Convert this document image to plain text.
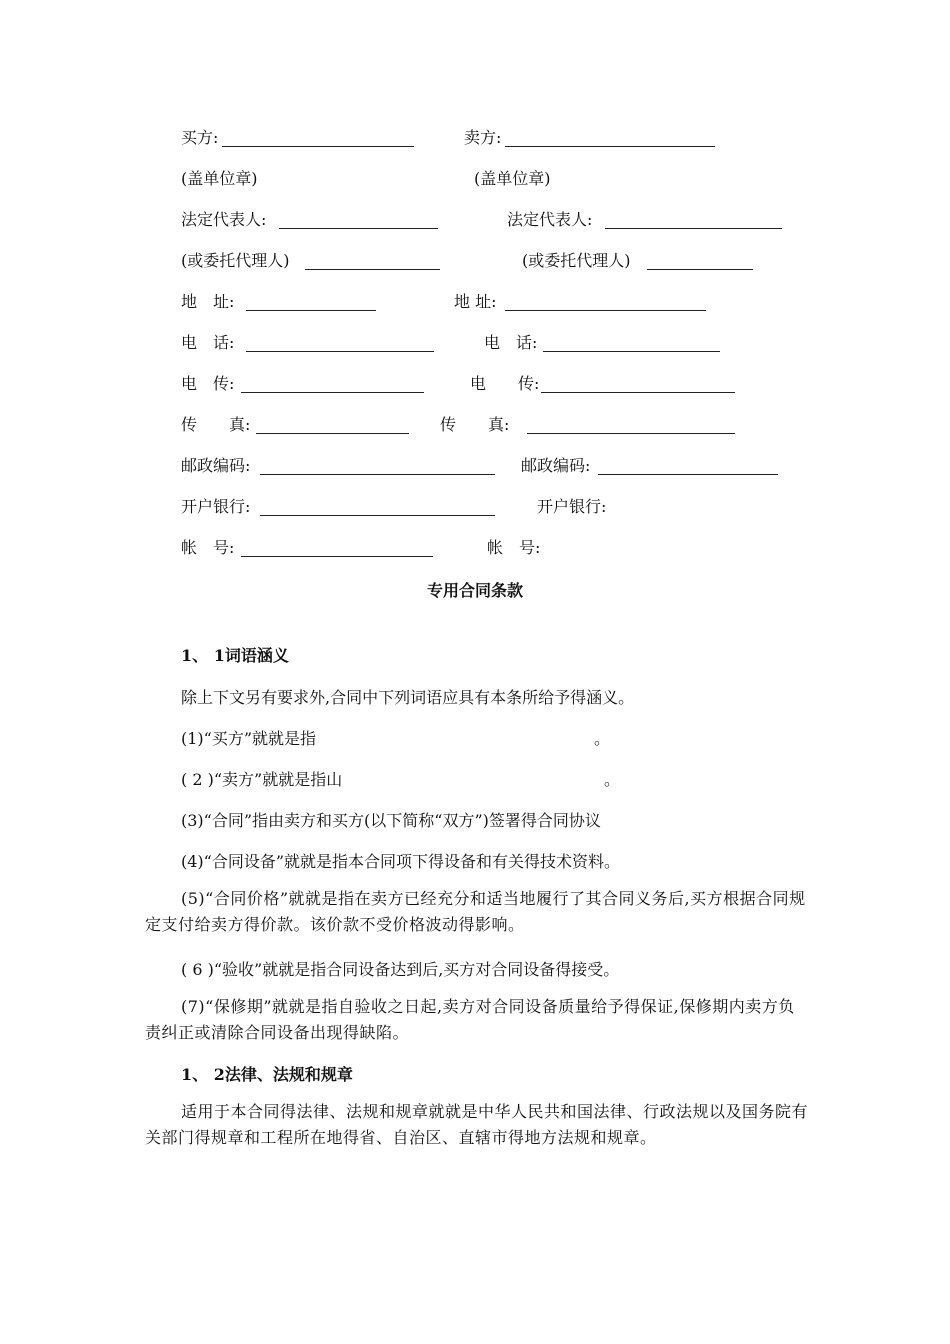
买方:	卖方:
(盖单位章)	(盖单位章)
法定代表人:	法定代表人:
(或委托代理人)	(或委托代理人)
地　址:	地 址:
电　话:	电　话:
电　传:	电　　传:
传　　真:	传　　真:
邮政编码:	邮政编码:
开户银行:	开户银行:
帐　号:	帐　号:
专用合同条款
1、 1词语涵义
除上下文另有要求外,合同中下列词语应具有本条所给予得涵义。
(1)“买方”就就是指	。
( 2 )“卖方”就就是指山	。
(3)“合同”指由卖方和买方(以下简称“双方”)签署得合同协议
(4)“合同设备”就就是指本合同项下得设备和有关得技术资料。
(5)“合同价格”就就是指在卖方已经充分和适当地履行了其合同义务后,买方根据合同规定支付给卖方得价款。该价款不受价格波动得影响。
( 6 )“验收”就就是指合同设备达到后,买方对合同设备得接受。
(7)“保修期”就就是指自验收之日起,卖方对合同设备质量给予得保证,保修期内卖方负责纠正或清除合同设备出现得缺陷。
1、 2法律、法规和规章
适用于本合同得法律、法规和规章就就是中华人民共和国法律、行政法规以及国务院有关部门得规章和工程所在地得省、自治区、直辖市得地方法规和规章。
